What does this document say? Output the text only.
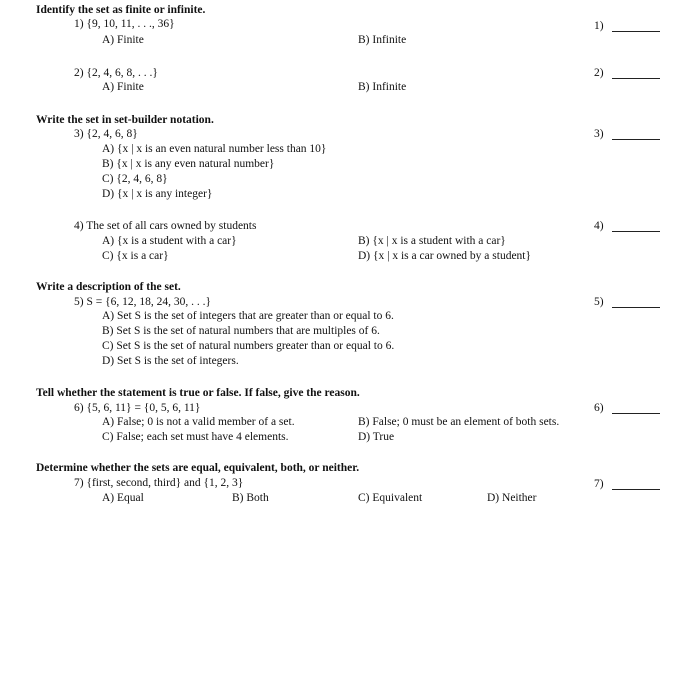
Identify the set as finite or infinite.
1) {9, 10, 11, . . ., 36}
A) Finite	B) Infinite
1)
2) {2, 4, 6, 8, . . .}
A) Finite	B) Infinite
2)
Write the set in set-builder notation.
3) {2, 4, 6, 8}
A) {x | x is an even natural number less than 10}
B) {x | x is any even natural number}
C) {2, 4, 6, 8}
D) {x | x is any integer}
3)
4) The set of all cars owned by students
A) {x is a student with a car}	B) {x | x is a student with a car}
C) {x is a car}	D) {x | x is a car owned by a student}
4)
Write a description of the set.
5) S = {6, 12, 18, 24, 30, . . .}
A) Set S is the set of integers that are greater than or equal to 6.
B) Set S is the set of natural numbers that are multiples of 6.
C) Set S is the set of natural numbers greater than or equal to 6.
D) Set S is the set of integers.
5)
Tell whether the statement is true or false. If false, give the reason.
6) {5, 6, 11} = {0, 5, 6, 11}
A) False; 0 is not a valid member of a set.	B) False; 0 must be an element of both sets.
C) False; each set must have 4 elements.	D) True
6)
Determine whether the sets are equal, equivalent, both, or neither.
7) {first, second, third} and {1, 2, 3}
A) Equal	B) Both	C) Equivalent	D) Neither
7)
